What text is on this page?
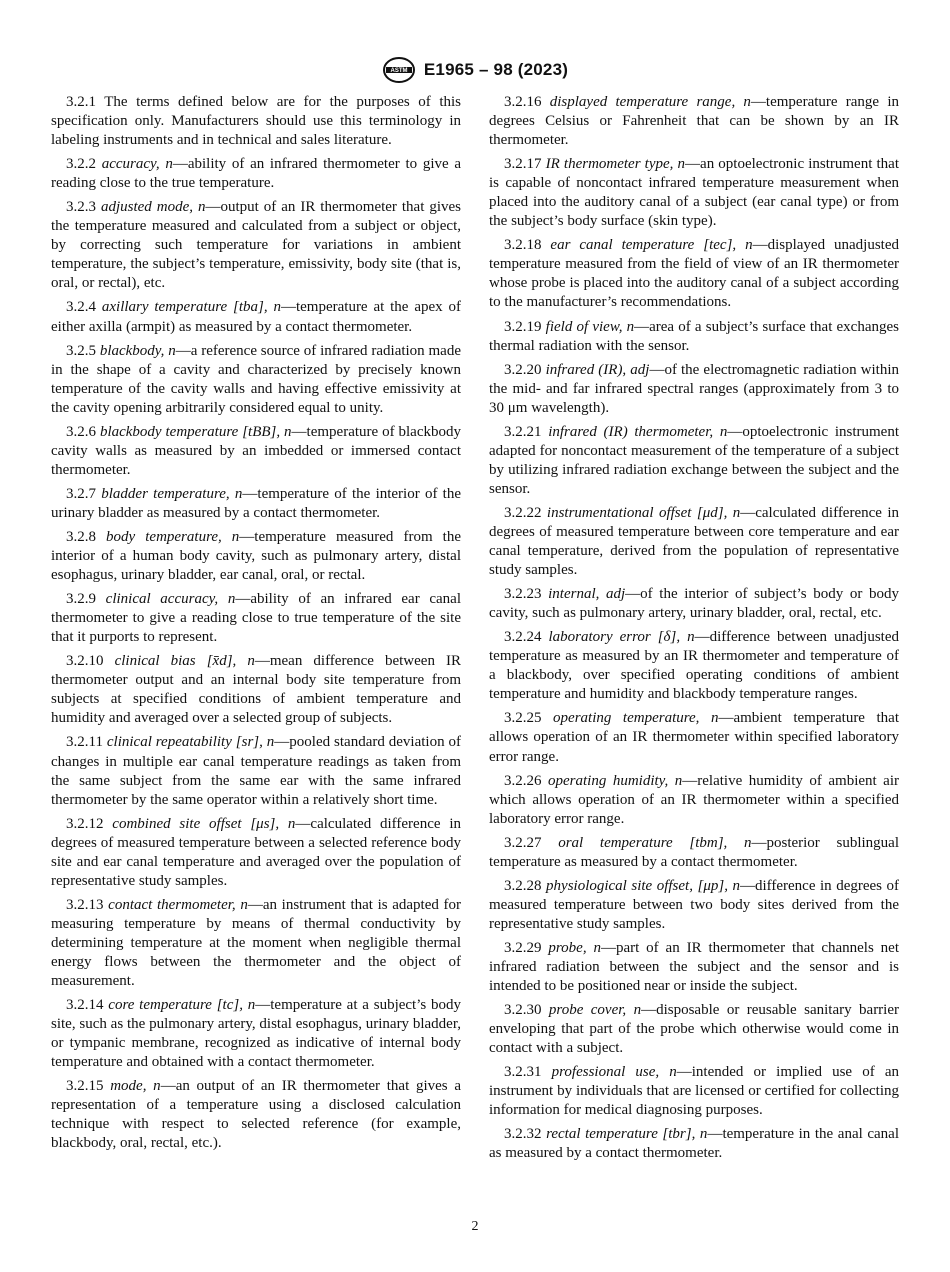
ASTM E1965 – 98 (2023)

3.2.1 The terms defined below are for the purposes of this specification only. Manufacturers should use this terminology in labeling instruments and in technical and sales literature.

3.2.2 accuracy, n—ability of an infrared thermometer to give a reading close to the true temperature.

3.2.3 adjusted mode, n—output of an IR thermometer that gives the temperature measured and calculated from a subject or object, by correcting such temperature for variations in ambient temperature, the subject’s temperature, emissivity, body site (that is, oral, or rectal), etc.

3.2.4 axillary temperature [tba], n—temperature at the apex of either axilla (armpit) as measured by a contact thermometer.

3.2.5 blackbody, n—a reference source of infrared radiation made in the shape of a cavity and characterized by precisely known temperature of the cavity walls and having effective emissivity at the cavity opening arbitrarily considered equal to unity.

3.2.6 blackbody temperature [tBB], n—temperature of blackbody cavity walls as measured by an imbedded or immersed contact thermometer.

3.2.7 bladder temperature, n—temperature of the interior of the urinary bladder as measured by a contact thermometer.

3.2.8 body temperature, n—temperature measured from the interior of a human body cavity, such as pulmonary artery, distal esophagus, urinary bladder, ear canal, oral, or rectal.

3.2.9 clinical accuracy, n—ability of an infrared ear canal thermometer to give a reading close to true temperature of the site that it purports to represent.

3.2.10 clinical bias [x̄̄d], n—mean difference between IR thermometer output and an internal body site temperature from subjects at specified conditions of ambient temperature and humidity and averaged over a selected group of subjects.

3.2.11 clinical repeatability [sr], n—pooled standard deviation of changes in multiple ear canal temperature readings as taken from the same subject from the same ear with the same infrared thermometer by the same operator within a relatively short time.

3.2.12 combined site offset [μs], n—calculated difference in degrees of measured temperature between a selected reference body site and ear canal temperature and averaged over the population of representative study samples.

3.2.13 contact thermometer, n—an instrument that is adapted for measuring temperature by means of thermal conductivity by determining temperature at the moment when negligible thermal energy flows between the thermometer and the object of measurement.

3.2.14 core temperature [tc], n—temperature at a subject’s body site, such as the pulmonary artery, distal esophagus, urinary bladder, or tympanic membrane, recognized as indicative of internal body temperature and obtained with a contact thermometer.

3.2.15 mode, n—an output of an IR thermometer that gives a representation of a temperature using a disclosed calculation technique with respect to selected reference (for example, blackbody, oral, rectal, etc.).

3.2.16 displayed temperature range, n—temperature range in degrees Celsius or Fahrenheit that can be shown by an IR thermometer.

3.2.17 IR thermometer type, n—an optoelectronic instrument that is capable of noncontact infrared temperature measurement when placed into the auditory canal of a subject (ear canal type) or from the subject’s body surface (skin type).

3.2.18 ear canal temperature [tec], n—displayed unadjusted temperature measured from the field of view of an IR thermometer whose probe is placed into the auditory canal of a subject according to the manufacturer’s recommendations.

3.2.19 field of view, n—area of a subject’s surface that exchanges thermal radiation with the sensor.

3.2.20 infrared (IR), adj—of the electromagnetic radiation within the mid- and far infrared spectral ranges (approximately from 3 to 30 μm wavelength).

3.2.21 infrared (IR) thermometer, n—optoelectronic instrument adapted for noncontact measurement of the temperature of a subject by utilizing infrared radiation exchange between the subject and the sensor.

3.2.22 instrumentational offset [μd], n—calculated difference in degrees of measured temperature between core temperature and ear canal temperature, derived from the population of representative study samples.

3.2.23 internal, adj—of the interior of subject’s body or body cavity, such as pulmonary artery, urinary bladder, oral, rectal, etc.

3.2.24 laboratory error [δ], n—difference between unadjusted temperature as measured by an IR thermometer and temperature of a blackbody, over specified operating conditions of ambient temperature and humidity and blackbody temperature ranges.

3.2.25 operating temperature, n—ambient temperature that allows operation of an IR thermometer within specified laboratory error range.

3.2.26 operating humidity, n—relative humidity of ambient air which allows operation of an IR thermometer within a specified laboratory error range.

3.2.27 oral temperature [tbm], n—posterior sublingual temperature as measured by a contact thermometer.

3.2.28 physiological site offset, [μp], n—difference in degrees of measured temperature between two body sites derived from the representative study samples.

3.2.29 probe, n—part of an IR thermometer that channels net infrared radiation between the subject and the sensor and is intended to be positioned near or inside the subject.

3.2.30 probe cover, n—disposable or reusable sanitary barrier enveloping that part of the probe which otherwise would come in contact with a subject.

3.2.31 professional use, n—intended or implied use of an instrument by individuals that are licensed or certified for collecting information for medical diagnosing purposes.

3.2.32 rectal temperature [tbr], n—temperature in the anal canal as measured by a contact thermometer.

2
